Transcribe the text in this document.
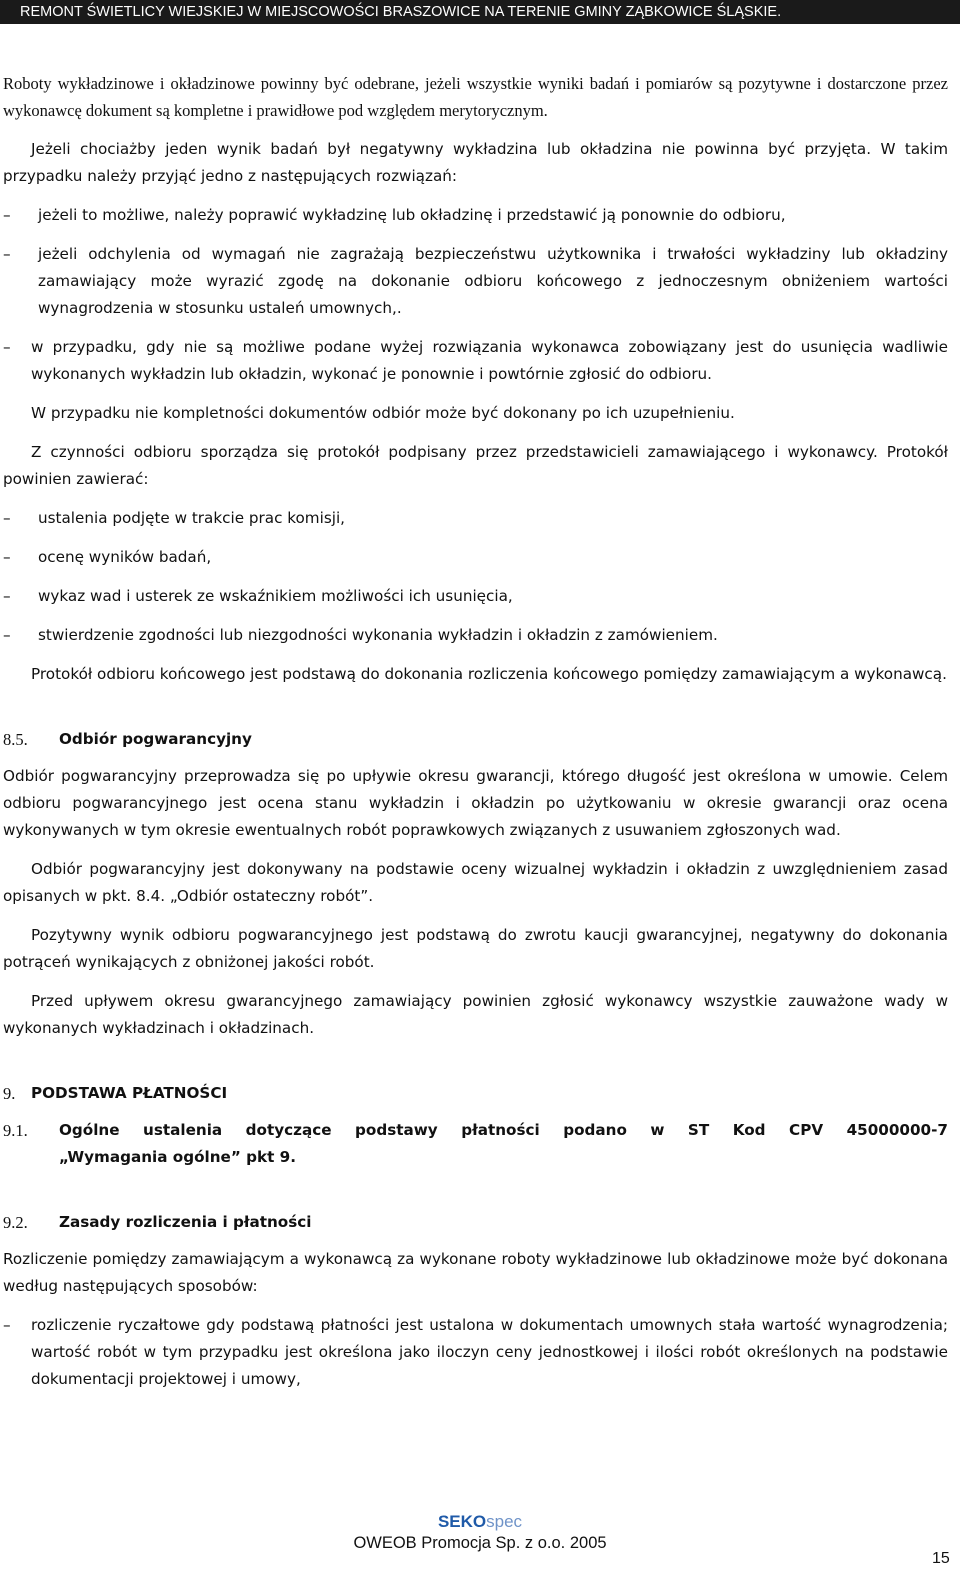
REMONT ŚWIETLICY WIEJSKIEJ W MIEJSCOWOŚCI BRASZOWICE NA TERENIE GMINY ZĄBKOWICE ŚLĄSKIE.

Roboty wykładzinowe i okładzinowe powinny być odebrane, jeżeli wszystkie wyniki badań i pomiarów są pozytywne i dostarczone przez wykonawcę dokument są kompletne i prawidłowe pod względem merytorycznym.

Jeżeli chociażby jeden wynik badań był negatywny wykładzina lub okładzina nie powinna być przyjęta. W takim przypadku należy przyjąć jedno z następujących rozwiązań:

– jeżeli to możliwe, należy poprawić wykładzinę lub okładzinę i przedstawić ją ponownie do odbioru,
– jeżeli odchylenia od wymagań nie zagrażają bezpieczeństwu użytkownika i trwałości wykładziny lub okładziny zamawiający może wyrazić zgodę na dokonanie odbioru końcowego z jednoczesnym obniżeniem wartości wynagrodzenia w stosunku ustaleń umownych,.
– w przypadku, gdy nie są możliwe podane wyżej rozwiązania wykonawca zobowiązany jest do usunięcia wadliwie wykonanych wykładzin lub okładzin, wykonać je ponownie i powtórnie zgłosić do odbioru.

W przypadku nie kompletności dokumentów odbiór może być dokonany po ich uzupełnieniu.

Z czynności odbioru sporządza się protokół podpisany przez przedstawicieli zamawiającego i wykonawcy. Protokół powinien zawierać:

– ustalenia podjęte w trakcie prac komisji,
– ocenę wyników badań,
– wykaz wad i usterek ze wskaźnikiem możliwości ich usunięcia,
– stwierdzenie zgodności lub niezgodności wykonania wykładzin i okładzin z zamówieniem.

Protokół odbioru końcowego jest podstawą do dokonania rozliczenia końcowego pomiędzy zamawiającym a wykonawcą.

8.5.	Odbiór pogwarancyjny

Odbiór pogwarancyjny przeprowadza się po upływie okresu gwarancji, którego długość jest określona w umowie. Celem odbioru pogwarancyjnego jest ocena stanu wykładzin i okładzin po użytkowaniu w okresie gwarancji oraz ocena wykonywanych w tym okresie ewentualnych robót poprawkowych związanych z usuwaniem zgłoszonych wad.

Odbiór pogwarancyjny jest dokonywany na podstawie oceny wizualnej wykładzin i okładzin z uwzględnieniem zasad opisanych w pkt. 8.4. „Odbiór ostateczny robót”.

Pozytywny wynik odbioru pogwarancyjnego jest podstawą do zwrotu kaucji gwarancyjnej, negatywny do dokonania potrąceń wynikających z obniżonej jakości robót.

Przed upływem okresu gwarancyjnego zamawiający powinien zgłosić wykonawcy wszystkie zauważone wady w wykonanych wykładzinach i okładzinach.

9.	PODSTAWA PŁATNOŚCI
9.1.	Ogólne ustalenia dotyczące podstawy płatności podano w ST Kod CPV 45000000-7
„Wymagania ogólne” pkt 9.
9.2.	Zasady rozliczenia i płatności

Rozliczenie pomiędzy zamawiającym a wykonawcą za wykonane roboty wykładzinowe lub okładzinowe może być dokonana według następujących sposobów:

– rozliczenie ryczałtowe gdy podstawą płatności jest ustalona w dokumentach umownych stała wartość wynagrodzenia; wartość robót w tym przypadku jest określona jako iloczyn ceny jednostkowej i ilości robót określonych na podstawie dokumentacji projektowej i umowy,
SEKOspec
OWEOB Promocja Sp. z o.o. 2005
15
